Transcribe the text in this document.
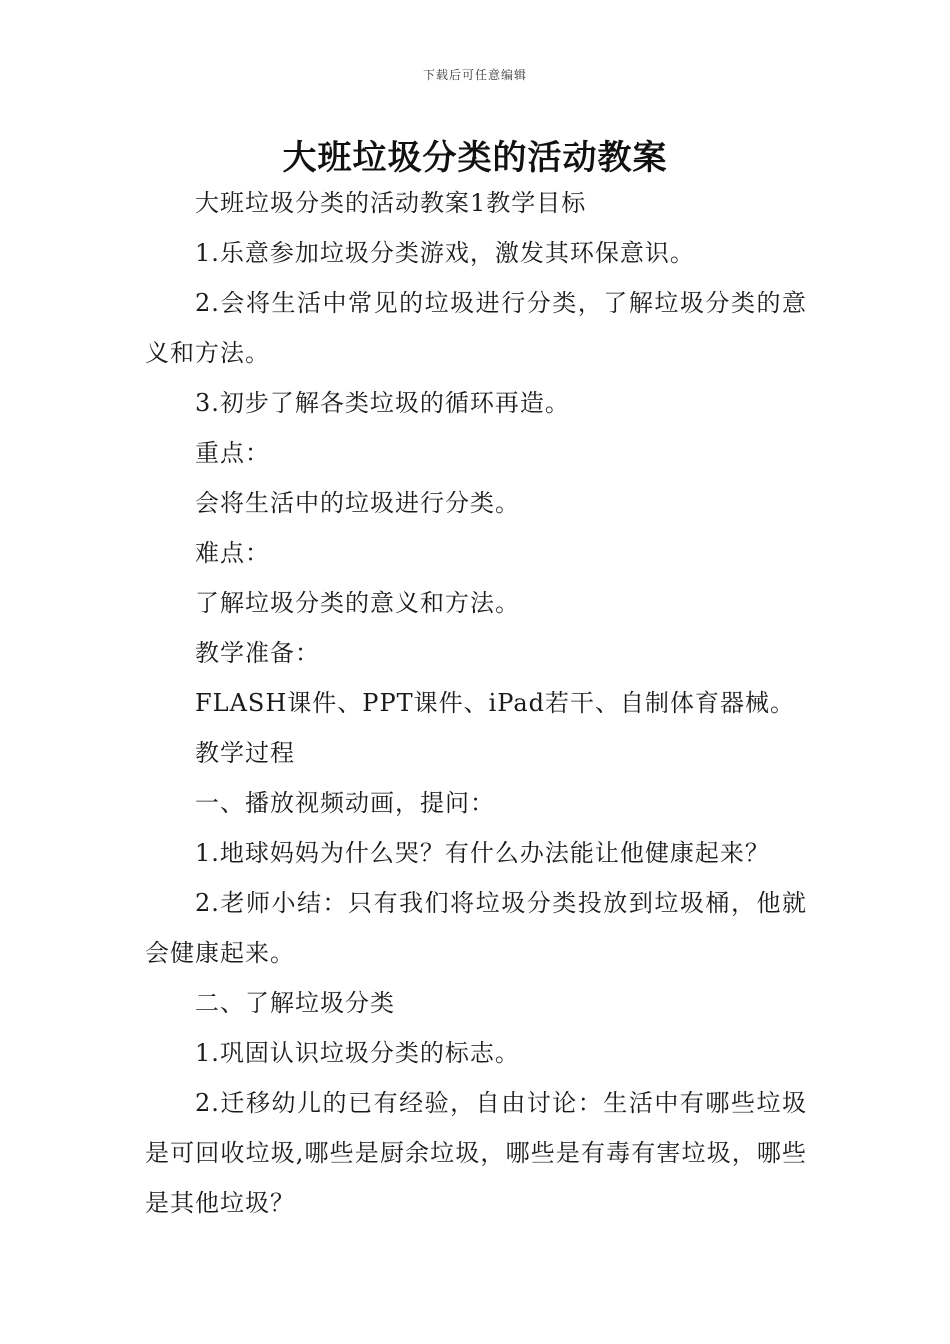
下载后可任意编辑
大班垃圾分类的活动教案

大班垃圾分类的活动教案1教学目标

1.乐意参加垃圾分类游戏，激发其环保意识。

2.会将生活中常见的垃圾进行分类，了解垃圾分类的意义和方法。

3.初步了解各类垃圾的循环再造。

重点：

会将生活中的垃圾进行分类。

难点：

了解垃圾分类的意义和方法。

教学准备：

FLASH课件、PPT课件、iPad若干、自制体育器械。

教学过程

一、播放视频动画，提问：

1.地球妈妈为什么哭？有什么办法能让他健康起来？

2.老师小结：只有我们将垃圾分类投放到垃圾桶，他就会健康起来。

二、了解垃圾分类

1.巩固认识垃圾分类的标志。

2.迁移幼儿的已有经验，自由讨论：生活中有哪些垃圾是可回收垃圾,哪些是厨余垃圾，哪些是有毒有害垃圾，哪些是其他垃圾？
